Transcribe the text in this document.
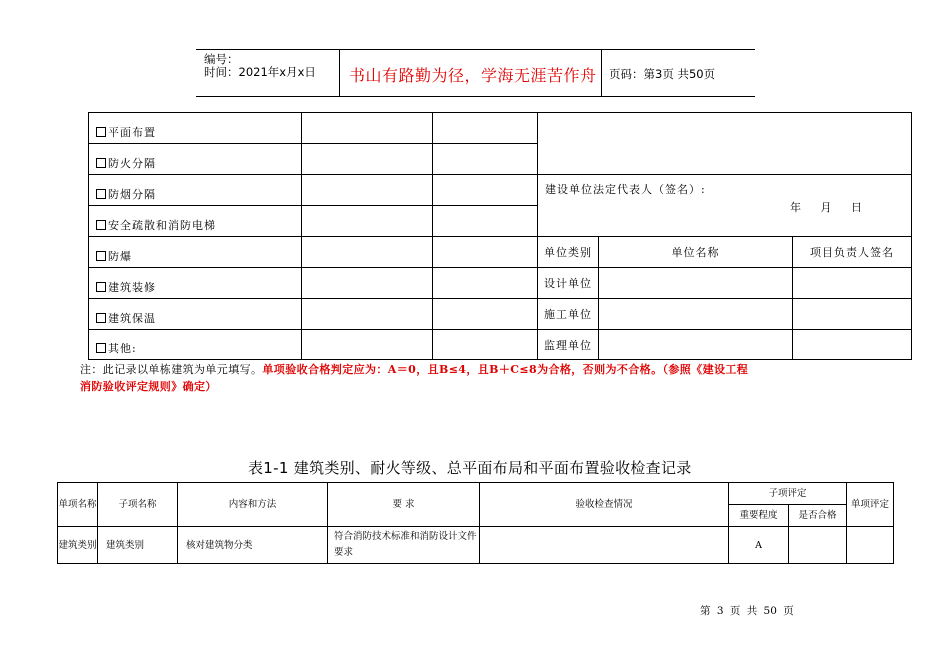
编号：
时间：2021年x月x日 书山有路勤为径，学海无涯苦作舟 页码：第3页 共50页
平面布置					
防火分隔					
防烟分隔			建设单位法定代表人（签名）:
年 月 日		

安全疏散和消防电梯					
防爆			单位类别	单位名称	项目负责人签名
建筑装修			设计单位		
建筑保温			施工单位		
其他:			监理单位		
注：此记录以单栋建筑为单元填写。单项验收合格判定应为：A＝0，且B≤4，且B＋C≤8为合格，否则为不合格。（参照《建设工程
消防验收评定规则》确定）
表1-1 建筑类别、耐火等级、总平面布局和平面布置验收检查记录
单项名称	子项名称	内容和方法	要 求	验收检查情况	子项评定		单项评定
					重要程度	是否合格	
建筑类别	建筑类别	核对建筑物分类	符合消防技术标准和消防设计文件要求		A		
第 3 页 共 50 页
